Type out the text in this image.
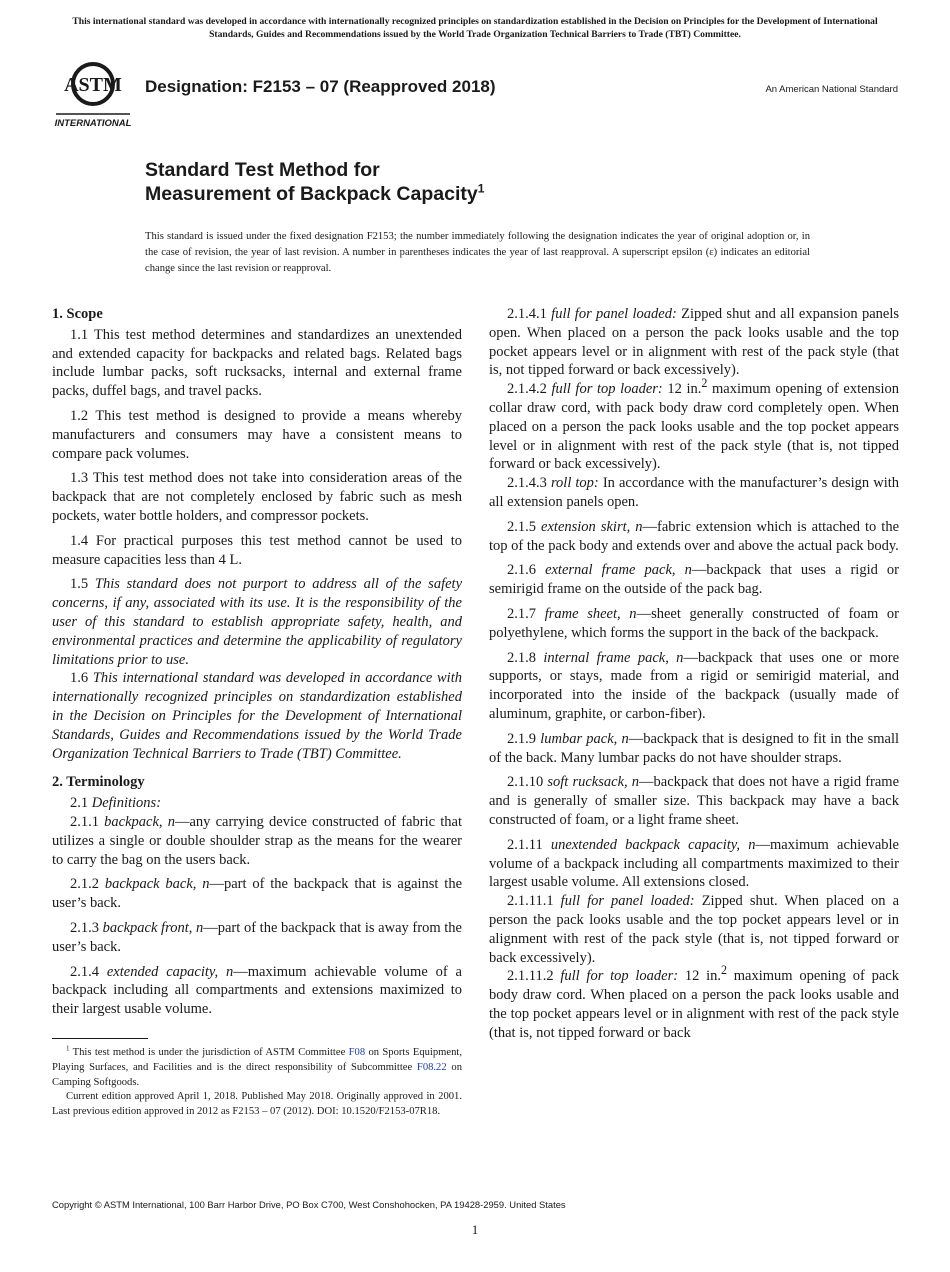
This international standard was developed in accordance with internationally recognized principles on standardization established in the Decision on Principles for the Development of International Standards, Guides and Recommendations issued by the World Trade Organization Technical Barriers to Trade (TBT) Committee.
ASTM
INTERNATIONAL
Designation: F2153 – 07 (Reapproved 2018)	An American National Standard
Standard Test Method for
Measurement of Backpack Capacity$^1$
This standard is issued under the fixed designation F2153; the number immediately following the designation indicates the year of original adoption or, in the case of revision, the year of last revision. A number in parentheses indicates the year of last reapproval. A superscript epsilon (ε) indicates an editorial change since the last revision or reapproval.
1. Scope

1.1 This test method determines and standardizes an unextended and extended capacity for backpacks and related bags. Related bags include lumbar packs, soft rucksacks, internal and external frame packs, duffel bags, and travel packs.

1.2 This test method is designed to provide a means whereby manufacturers and consumers may have a consistent means to compare pack volumes.

1.3 This test method does not take into consideration areas of the backpack that are not completely enclosed by fabric such as mesh pockets, water bottle holders, and compressor pockets.

1.4 For practical purposes this test method cannot be used to measure capacities less than 4 L.

1.5 This standard does not purport to address all of the safety concerns, if any, associated with its use. It is the responsibility of the user of this standard to establish appropriate safety, health, and environmental practices and determine the applicability of regulatory limitations prior to use.

1.6 This international standard was developed in accordance with internationally recognized principles on standardization established in the Decision on Principles for the Development of International Standards, Guides and Recommendations issued by the World Trade Organization Technical Barriers to Trade (TBT) Committee.

2. Terminology

2.1 Definitions:

2.1.1 backpack, n—any carrying device constructed of fabric that utilizes a single or double shoulder strap as the means for the wearer to carry the bag on the users back.

2.1.2 backpack back, n—part of the backpack that is against the user’s back.

2.1.3 backpack front, n—part of the backpack that is away from the user’s back.

2.1.4 extended capacity, n—maximum achievable volume of a backpack including all compartments and extensions maximized to their largest usable volume.

$^1$ This test method is under the jurisdiction of ASTM Committee F08 on Sports Equipment, Playing Surfaces, and Facilities and is the direct responsibility of Subcommittee F08.22 on Camping Softgoods.

Current edition approved April 1, 2018. Published May 2018. Originally approved in 2001. Last previous edition approved in 2012 as F2153 – 07 (2012). DOI: 10.1520/F2153-07R18.

2.1.4.1 full for panel loaded: Zipped shut and all expansion panels open. When placed on a person the pack looks usable and the top pocket appears level or in alignment with rest of the pack style (that is, not tipped forward or back excessively).

2.1.4.2 full for top loader: 12 in.$^2$ maximum opening of extension collar draw cord, with pack body draw cord completely open. When placed on a person the pack looks usable and the top pocket appears level or in alignment with rest of the pack style (that is, not tipped forward or back excessively).

2.1.4.3 roll top: In accordance with the manufacturer’s design with all extension panels open.

2.1.5 extension skirt, n—fabric extension which is attached to the top of the pack body and extends over and above the actual pack body.

2.1.6 external frame pack, n—backpack that uses a rigid or semirigid frame on the outside of the pack bag.

2.1.7 frame sheet, n—sheet generally constructed of foam or polyethylene, which forms the support in the back of the backpack.

2.1.8 internal frame pack, n—backpack that uses one or more supports, or stays, made from a rigid or semirigid material, and incorporated into the inside of the backpack (usually made of aluminum, graphite, or carbon-fiber).

2.1.9 lumbar pack, n—backpack that is designed to fit in the small of the back. Many lumbar packs do not have shoulder straps.

2.1.10 soft rucksack, n—backpack that does not have a rigid frame and is generally of smaller size. This backpack may have a back constructed of foam, or a light frame sheet.

2.1.11 unextended backpack capacity, n—maximum achievable volume of a backpack including all compartments maximized to their largest usable volume. All extensions closed.

2.1.11.1 full for panel loaded: Zipped shut. When placed on a person the pack looks usable and the top pocket appears level or in alignment with rest of the pack style (that is, not tipped forward or back excessively).

2.1.11.2 full for top loader: 12 in.$^2$ maximum opening of pack body draw cord. When placed on a person the pack looks usable and the top pocket appears level or in alignment with rest of the pack style (that is, not tipped forward or back

Copyright © ASTM International, 100 Barr Harbor Drive, PO Box C700, West Conshohocken, PA 19428-2959. United States
1
